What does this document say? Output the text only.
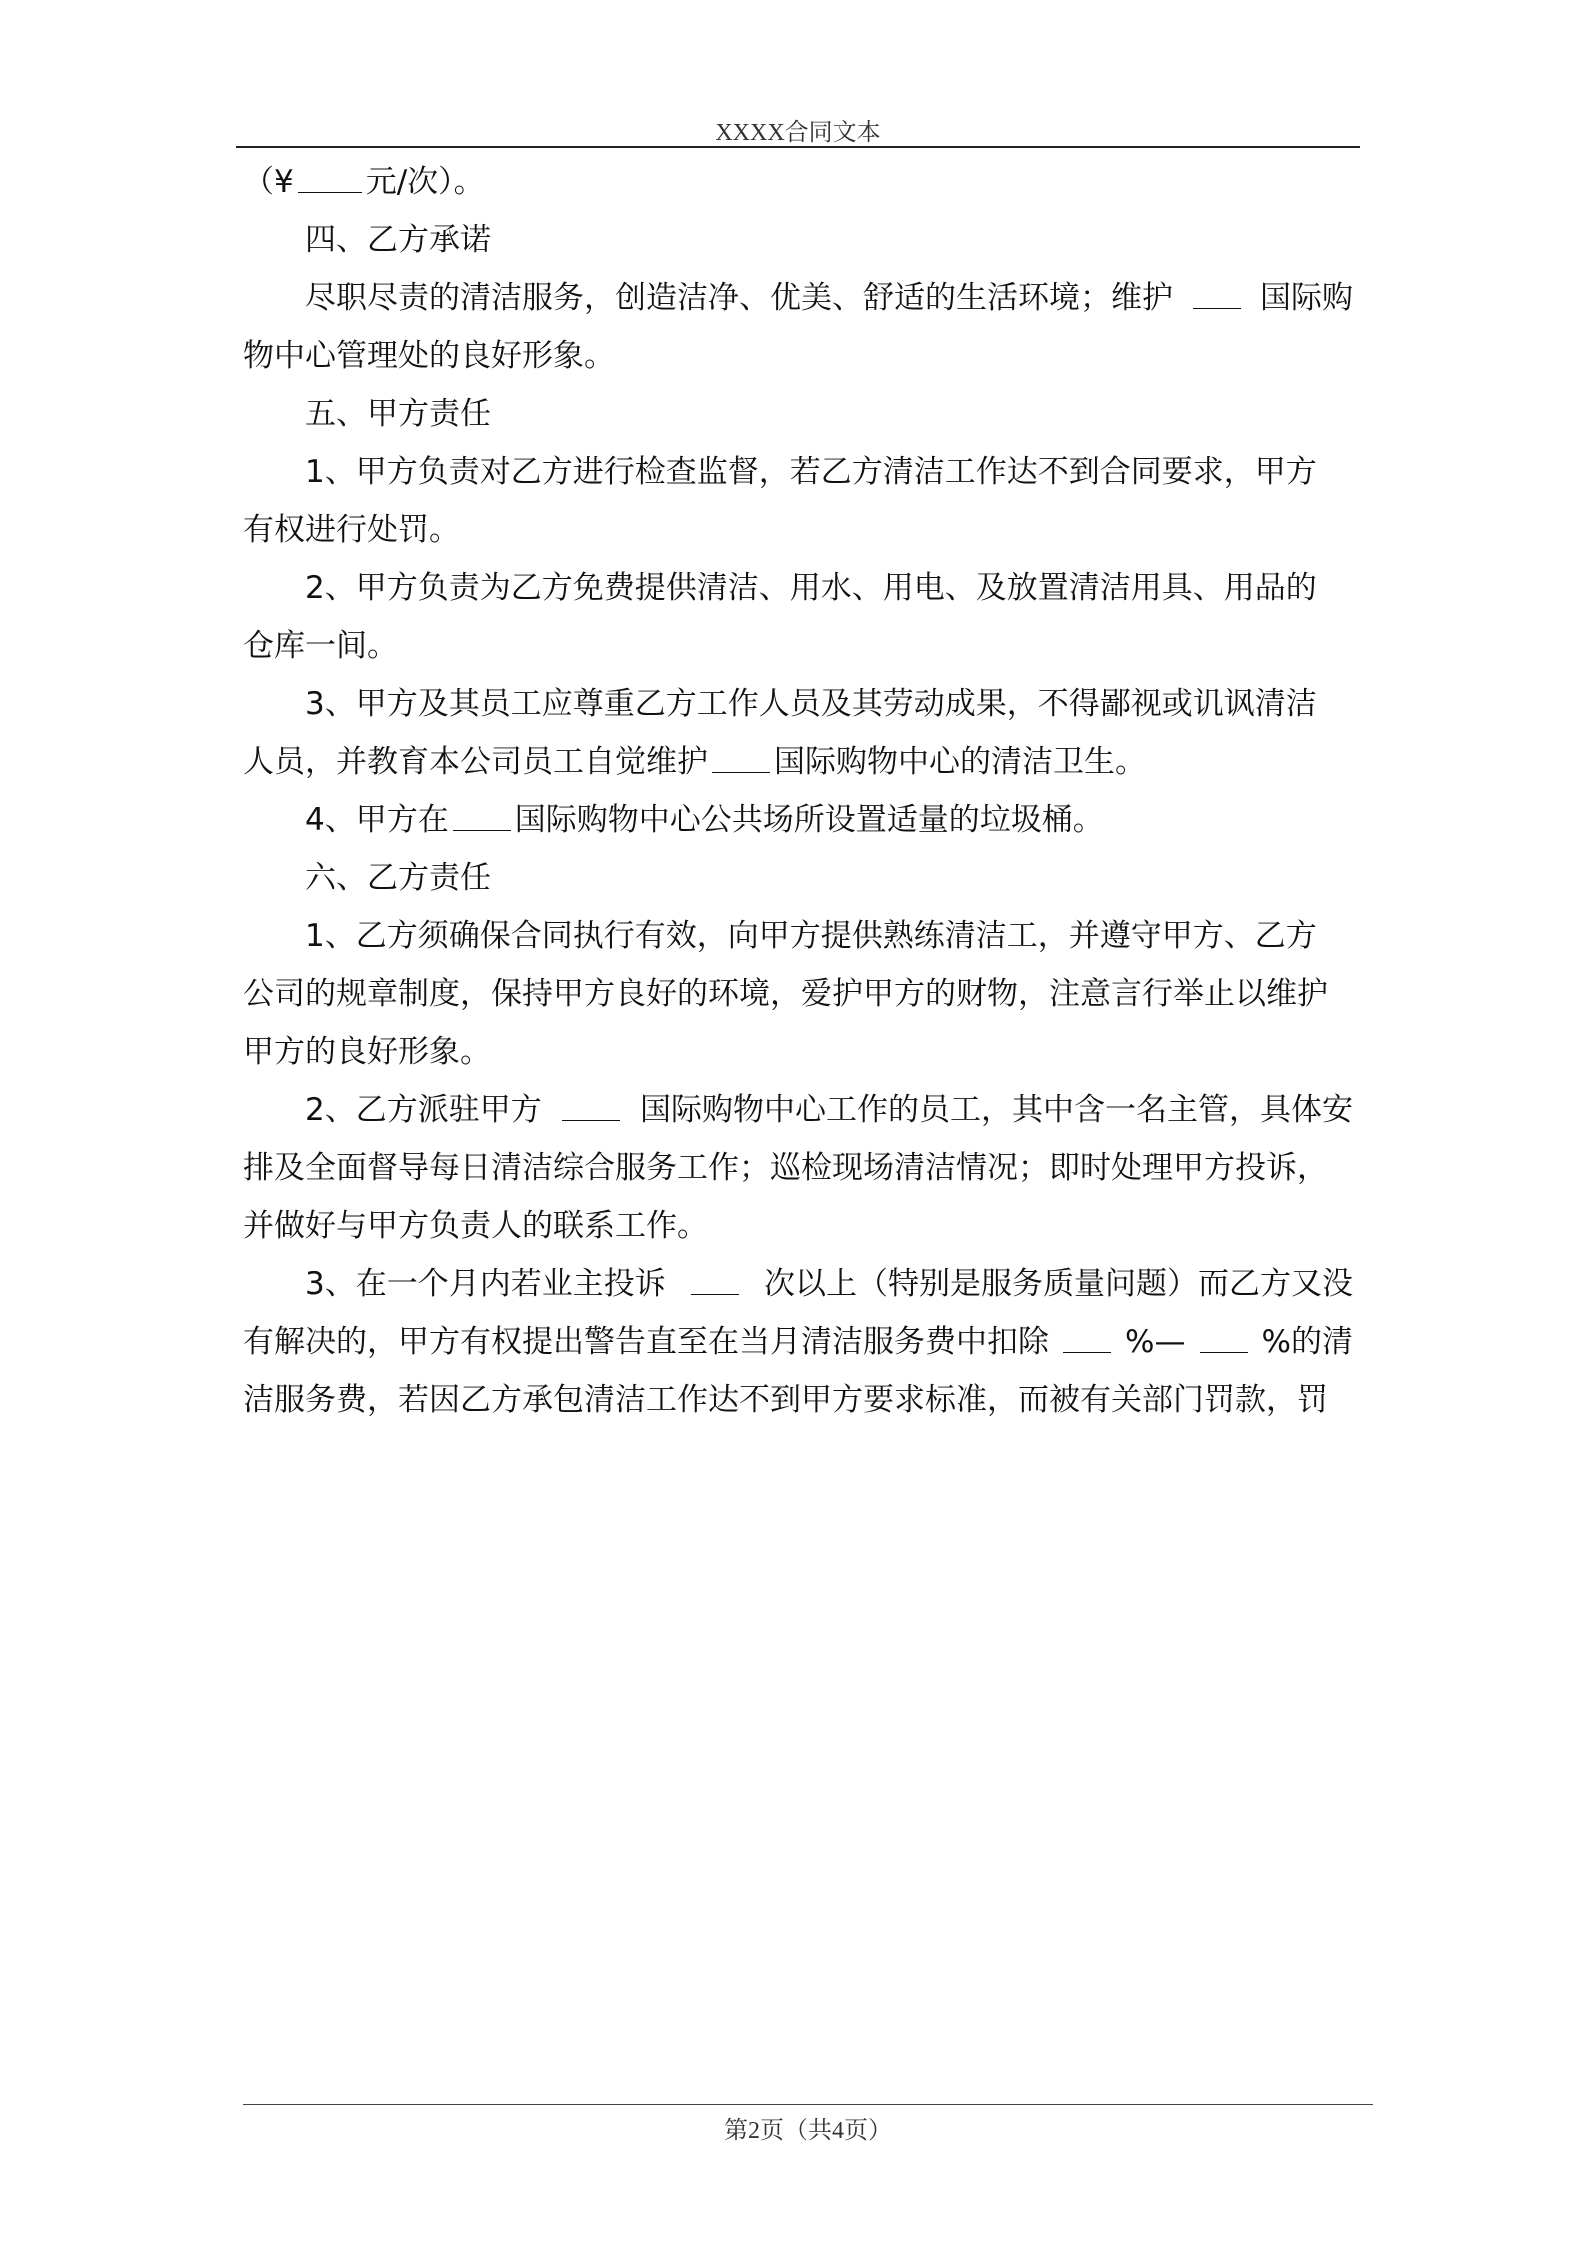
XXXX合同文本
（¥ 元/次）。
四、乙方承诺
尽职尽责的清洁服务，创造洁净、优美、舒适的生活环境；维护	国际购
物中心管理处的良好形象。
五、甲方责任
1、甲方负责对乙方进行检查监督，若乙方清洁工作达不到合同要求，甲方
有权进行处罚。
2、甲方负责为乙方免费提供清洁、用水、用电、及放置清洁用具、用品的
仓库一间。
3、甲方及其员工应尊重乙方工作人员及其劳动成果，不得鄙视或讥讽清洁
人员，并教育本公司员工自觉维护 国际购物中心的清洁卫生。
4、甲方在 国际购物中心公共场所设置适量的垃圾桶。
六、乙方责任
1、乙方须确保合同执行有效，向甲方提供熟练清洁工，并遵守甲方、乙方
公司的规章制度，保持甲方良好的环境，爱护甲方的财物，注意言行举止以维护
甲方的良好形象。
2、乙方派驻甲方	国际购物中心工作的员工，其中含一名主管，具体安
排及全面督导每日清洁综合服务工作；巡检现场清洁情况；即时处理甲方投诉，
并做好与甲方负责人的联系工作。
3、在一个月内若业主投诉	次以上（特别是服务质量问题）而乙方又没
有解决的，甲方有权提出警告直至在当月清洁服务费中扣除 %— %的清
洁服务费，若因乙方承包清洁工作达不到甲方要求标准，而被有关部门罚款，罚
第2页（共4页）
